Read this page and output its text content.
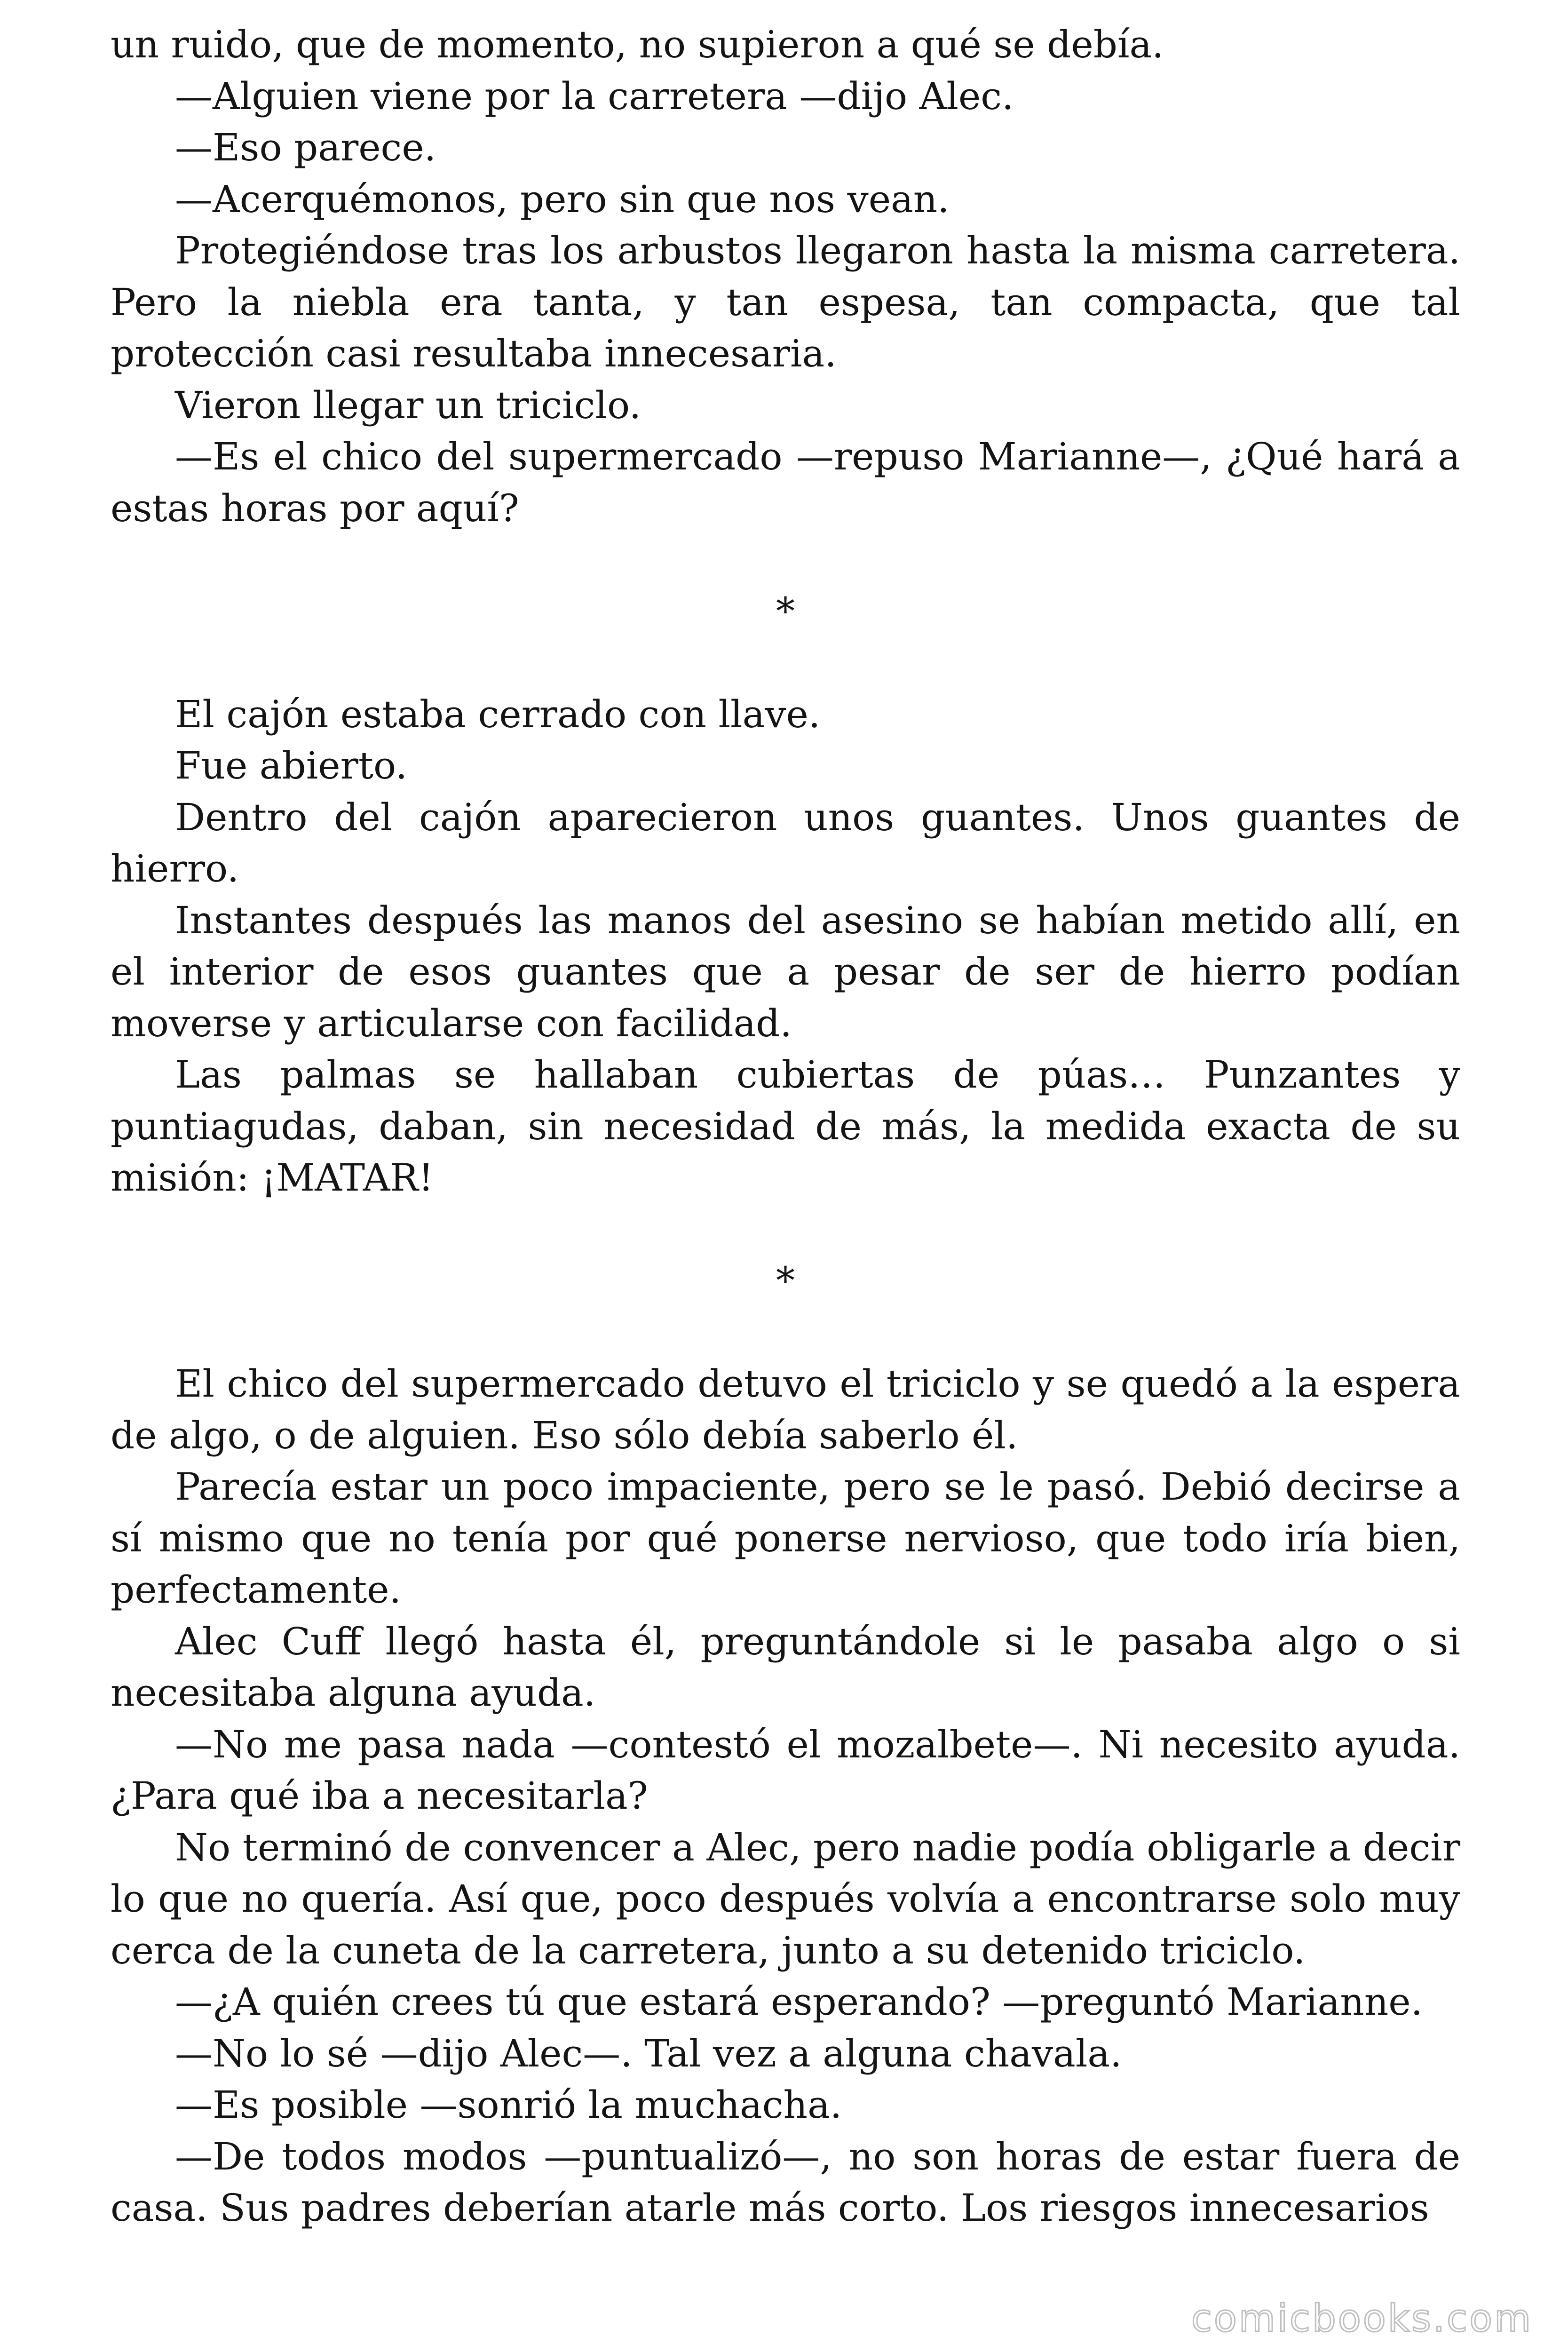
un ruido, que de momento, no supieron a qué se debía.

—Alguien viene por la carretera —dijo Alec.

—Eso parece.

—Acerquémonos, pero sin que nos vean.

Protegiéndose tras los arbustos llegaron hasta la misma carretera. Pero la niebla era tanta, y tan espesa, tan compacta, que tal protección casi resultaba innecesaria.

Vieron llegar un triciclo.

—Es el chico del supermercado —repuso Marianne—, ¿Qué hará a estas horas por aquí?

*

El cajón estaba cerrado con llave.

Fue abierto.

Dentro del cajón aparecieron unos guantes. Unos guantes de hierro.

Instantes después las manos del asesino se habían metido allí, en el interior de esos guantes que a pesar de ser de hierro podían moverse y articularse con facilidad.

Las palmas se hallaban cubiertas de púas… Punzantes y puntiagudas, daban, sin necesidad de más, la medida exacta de su misión: ¡MATAR!

*

El chico del supermercado detuvo el triciclo y se quedó a la espera de algo, o de alguien. Eso sólo debía saberlo él.

Parecía estar un poco impaciente, pero se le pasó. Debió decirse a sí mismo que no tenía por qué ponerse nervioso, que todo iría bien, perfectamente.

Alec Cuff llegó hasta él, preguntándole si le pasaba algo o si necesitaba alguna ayuda.

—No me pasa nada —contestó el mozalbete—. Ni necesito ayuda. ¿Para qué iba a necesitarla?

No terminó de convencer a Alec, pero nadie podía obligarle a decir lo que no quería. Así que, poco después volvía a encontrarse solo muy cerca de la cuneta de la carretera, junto a su detenido triciclo.

—¿A quién crees tú que estará esperando? —preguntó Marianne.

—No lo sé —dijo Alec—. Tal vez a alguna chavala.

—Es posible —sonrió la muchacha.

—De todos modos —puntualizó—, no son horas de estar fuera de casa. Sus padres deberían atarle más corto. Los riesgos innecesarios

comicbooks.com
